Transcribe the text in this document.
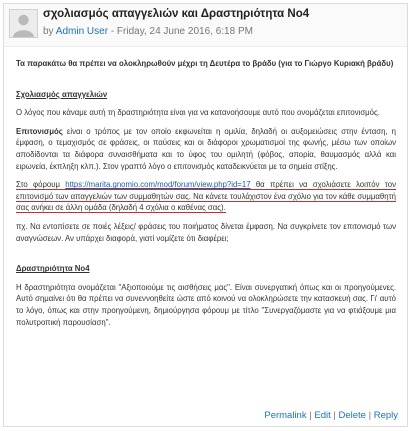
σχολιασμός απαγγελιών και Δραστηριότητα Νο4
by Admin User - Friday, 24 June 2016, 6:18 PM

Τα παρακάτω θα πρέπει να ολοκληρωθούν μέχρι τη Δευτέρα το βράδυ (για το Γιώργο Κυριακή βράδυ)

Σχολιασμός απαγγελιών

Ο λόγος που κάναμε αυτή τη δραστηριότητα είναι για να κατανοήσουμε αυτό που ονομάζεται επιτονισμός.

Επιτονισμός είναι ο τρόπος με τον οποίο εκφωνείται η ομιλία, δηλαδή οι αυξομειώσεις στην ένταση, η έμφαση, ο τεμαχισμός σε φράσεις, οι παύσεις και οι διάφοροι χρωματισμοί της φωνής, μέσω των οποίων αποδίδονται τα διάφορα συναισθήματα και το ύφος του ομιλητή (φόβος, απορία, θαυμασμός αλλά και ειρωνεία, έκπληξη κλπ.). Στον γραπτό λόγο ο επιτονισμός καταδεικνύεται με τα σημεία στίξης.

Στο φόρουμ https://marita.gnomio.com/mod/forum/view.php?id=17 θα πρέπει να σχολιάσετε λοιπόν τον επιτονισμό των απαγγελιών των συμμαθητών σας. Να κάνετε τουλάχιστον ένα σχόλιο για τον κάθε συμμαθητή σας ανήκει σε άλλη ομάδα (δηλαδή 4 σχόλια ο καθένας σας).

πχ. Να εντοπίσετε σε ποιές λέξεις/ φράσεις του ποιήματος δίνεται έμφαση. Να συγκρίνετε τον επιτονισμό των αναγνώσεων. Αν υπάρχει διαφορά, γιατί νομίζετε ότι διαφέρει;

Δραστηριότητα Νο4

Η δραστηριότητα ονομάζεται "Αξιοποιούμε τις αισθήσεις μας". Είναι συνεργατική όπως και οι προηγούμενες. Αυτό σημαίνει ότι θα πρέπει να συνεννοηθείτε ώστε από κοινού να ολοκληρώσετε την κατασκευή σας. Γι' αυτό το λόγο, όπως και στην προηγούμενη, δημιούργησα φόρουμ με τίτλο "Συνεργαζόμαστε για να φτιάξουμε μια πολυτροπική παρουσίαση".

Permalink | Edit | Delete | Reply
